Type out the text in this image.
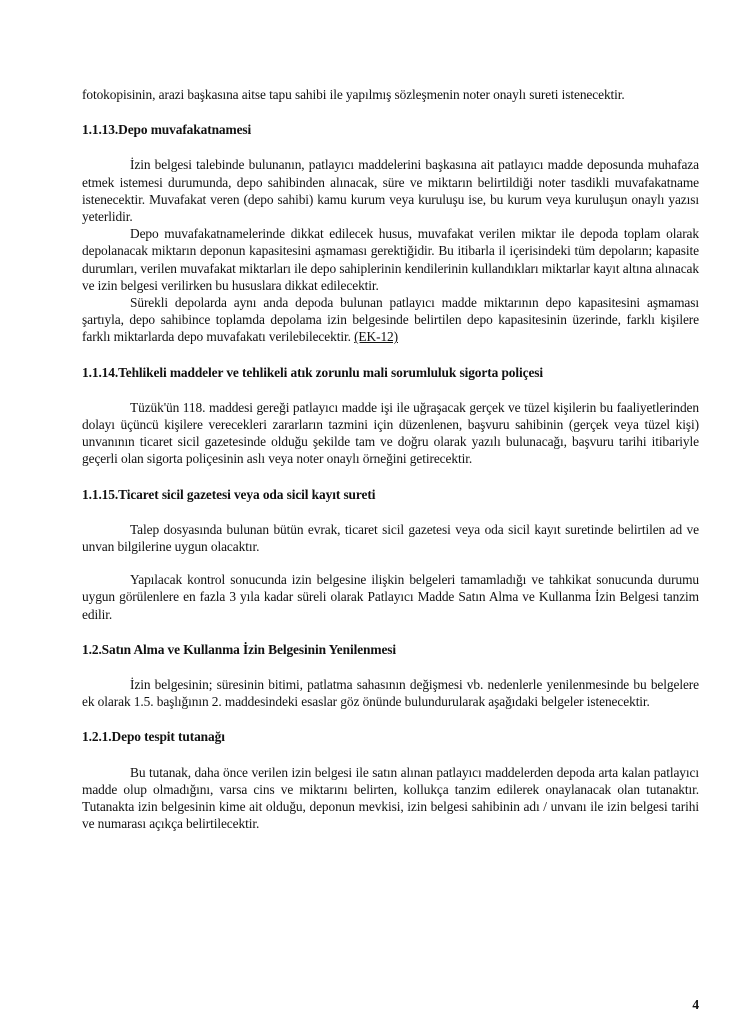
fotokopisinin, arazi başkasına aitse tapu sahibi ile yapılmış sözleşmenin noter onaylı sureti istenecektir.

1.1.13.Depo muvafakatnamesi

İzin belgesi talebinde bulunanın, patlayıcı maddelerini başkasına ait patlayıcı madde deposunda muhafaza etmek istemesi durumunda, depo sahibinden alınacak, süre ve miktarın belirtildiği noter tasdikli muvafakatname istenecektir. Muvafakat veren (depo sahibi) kamu kurum veya kuruluşu ise, bu kurum veya kuruluşun onaylı yazısı yeterlidir.

Depo muvafakatnamelerinde dikkat edilecek husus, muvafakat verilen miktar ile depoda toplam olarak depolanacak miktarın deponun kapasitesini aşmaması gerektiğidir. Bu itibarla il içerisindeki tüm depoların; kapasite durumları, verilen muvafakat miktarları ile depo sahiplerinin kendilerinin kullandıkları miktarlar kayıt altına alınacak ve izin belgesi verilirken bu hususlara dikkat edilecektir.

Sürekli depolarda aynı anda depoda bulunan patlayıcı madde miktarının depo kapasitesini aşmaması şartıyla, depo sahibince toplamda depolama izin belgesinde belirtilen depo kapasitesinin üzerinde, farklı kişilere farklı miktarlarda depo muvafakatı verilebilecektir. (EK-12)

1.1.14.Tehlikeli maddeler ve tehlikeli atık zorunlu mali sorumluluk sigorta poliçesi

Tüzük'ün 118. maddesi gereği patlayıcı madde işi ile uğraşacak gerçek ve tüzel kişilerin bu faaliyetlerinden dolayı üçüncü kişilere verecekleri zararların tazmini için düzenlenen, başvuru sahibinin (gerçek veya tüzel kişi) unvanının ticaret sicil gazetesinde olduğu şekilde tam ve doğru olarak yazılı bulunacağı, başvuru tarihi itibariyle geçerli olan sigorta poliçesinin aslı veya noter onaylı örneğini getirecektir.

1.1.15.Ticaret sicil gazetesi veya oda sicil kayıt sureti

Talep dosyasında bulunan bütün evrak, ticaret sicil gazetesi veya oda sicil kayıt suretinde belirtilen ad ve unvan bilgilerine uygun olacaktır.

Yapılacak kontrol sonucunda izin belgesine ilişkin belgeleri tamamladığı ve tahkikat sonucunda durumu uygun görülenlere en fazla 3 yıla kadar süreli olarak Patlayıcı Madde Satın Alma ve Kullanma İzin Belgesi tanzim edilir.

1.2.Satın Alma ve Kullanma İzin Belgesinin Yenilenmesi

İzin belgesinin; süresinin bitimi, patlatma sahasının değişmesi vb. nedenlerle yenilenmesinde bu belgelere ek olarak 1.5. başlığının 2. maddesindeki esaslar göz önünde bulundurularak aşağıdaki belgeler istenecektir.

1.2.1.Depo tespit tutanağı

Bu tutanak, daha önce verilen izin belgesi ile satın alınan patlayıcı maddelerden depoda arta kalan patlayıcı madde olup olmadığını, varsa cins ve miktarını belirten, kollukça tanzim edilerek onaylanacak olan tutanaktır. Tutanakta izin belgesinin kime ait olduğu, deponun mevkisi, izin belgesi sahibinin adı / unvanı ile izin belgesi tarihi ve numarası açıkça belirtilecektir.

4
